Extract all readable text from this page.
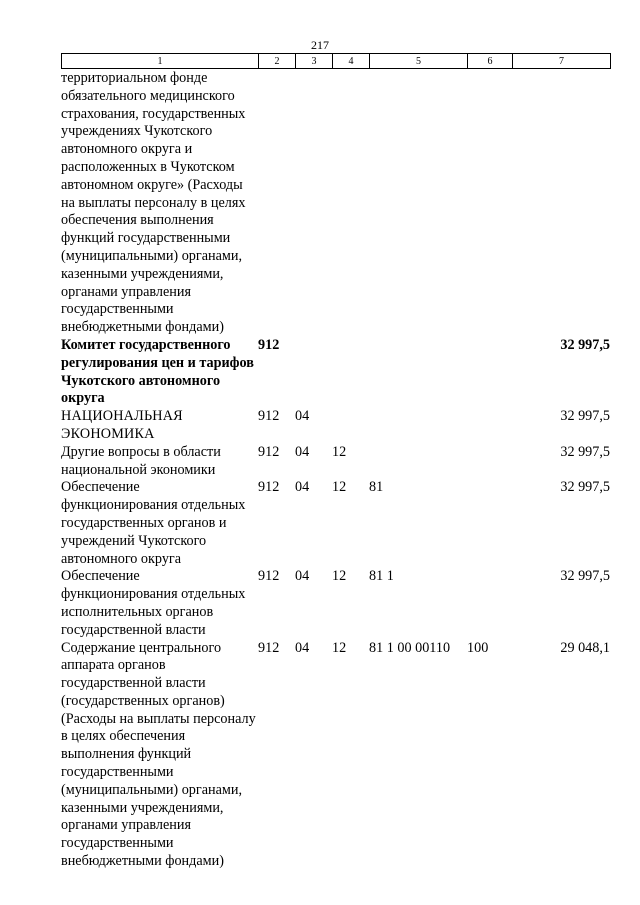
217
1	2	3	4	5	6	7
территориальном фонде обязательного медицинского страхования, государственных учреждениях Чукотского автономного округа и расположенных в Чукотском автономном округе» (Расходы на выплаты персоналу в целях обеспечения выполнения функций государственными (муниципальными) органами, казенными учреждениями, органами управления государственными внебюджетными фондами)						
Комитет государственного регулирования цен и тарифов Чукотского автономного округа	912					32 997,5
НАЦИОНАЛЬНАЯ ЭКОНОМИКА	912	04				32 997,5
Другие вопросы в области национальной экономики	912	04	12			32 997,5
Обеспечение функционирования отдельных государственных органов и учреждений Чукотского автономного округа	912	04	12	81		32 997,5
Обеспечение функционирования отдельных исполнительных органов государственной власти	912	04	12	81 1		32 997,5
Содержание центрального аппарата органов государственной власти (государственных органов) (Расходы на выплаты персоналу в целях обеспечения выполнения функций государственными (муниципальными) органами, казенными учреждениями, органами управления государственными внебюджетными фондами)	912	04	12	81 1 00 00110	100	29 048,1
